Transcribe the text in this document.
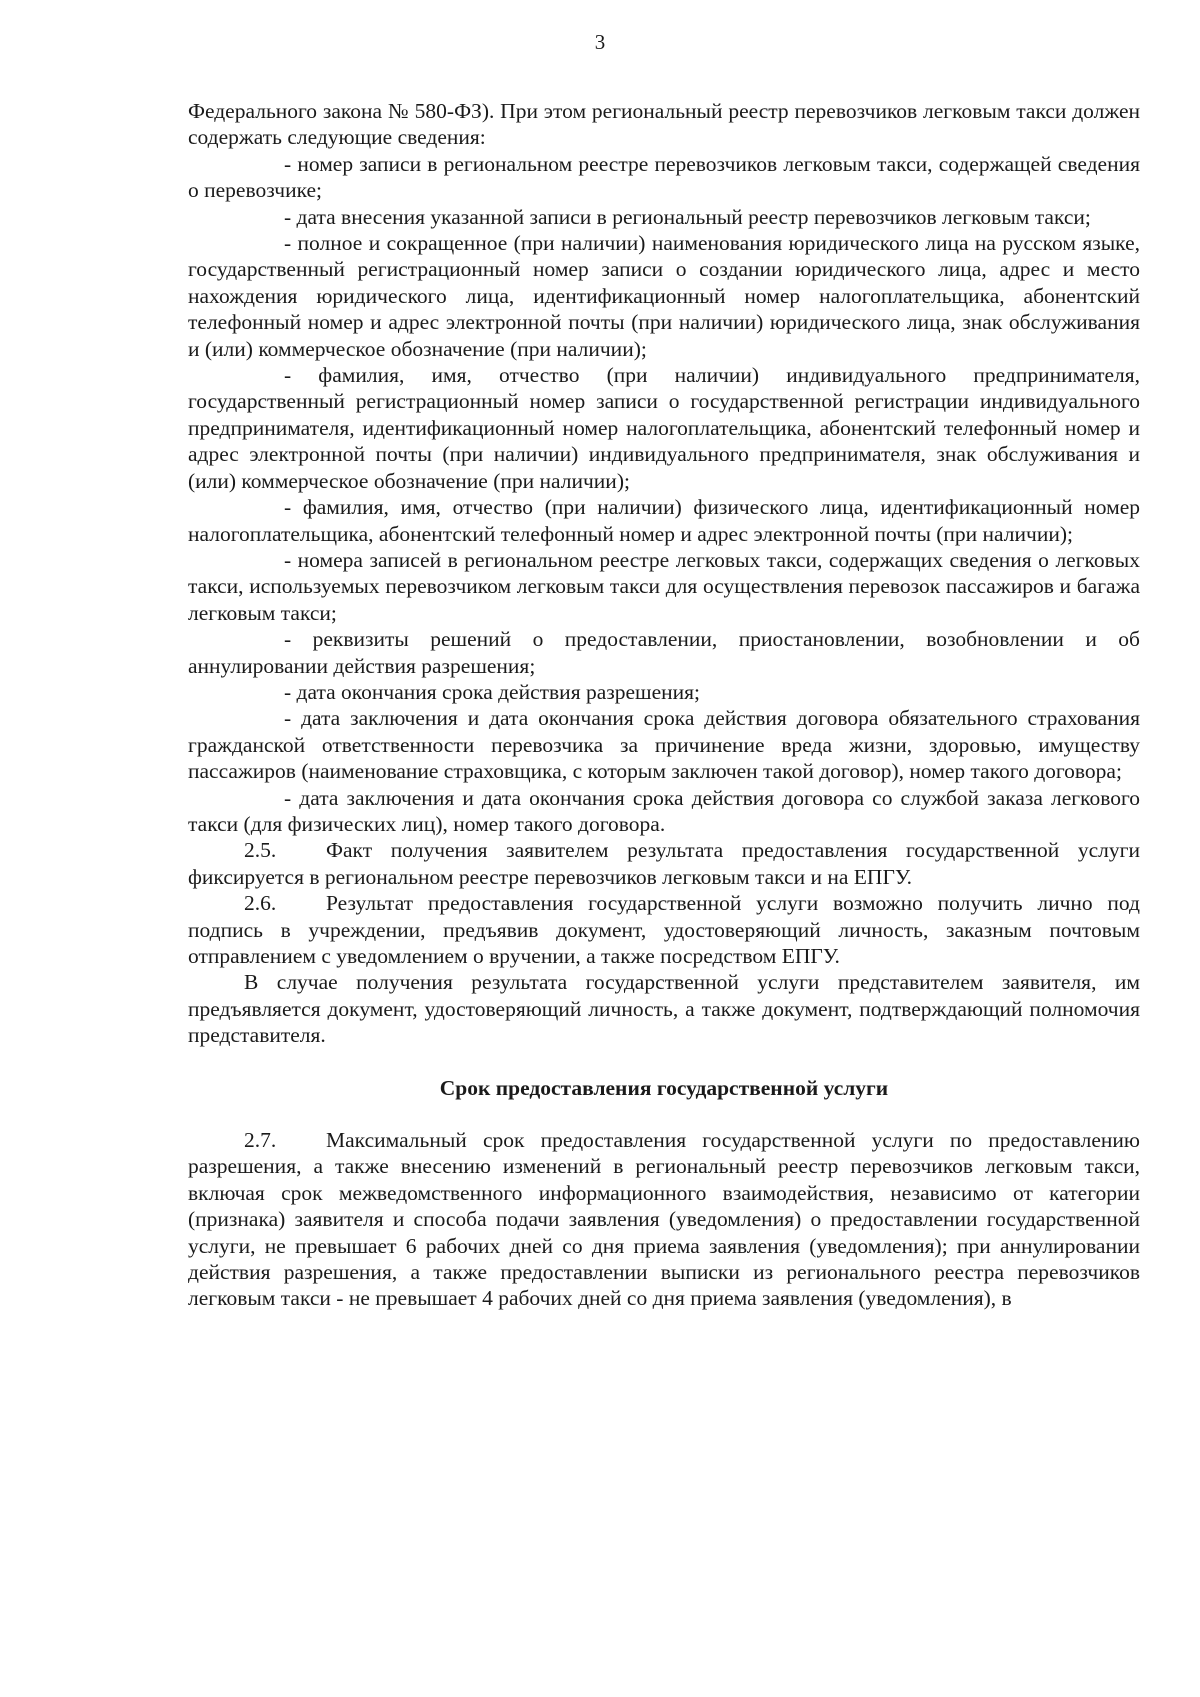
3

Федерального закона № 580-ФЗ). При этом региональный реестр перевозчиков легковым такси должен содержать следующие сведения:

- номер записи в региональном реестре перевозчиков легковым такси, содержащей сведения о перевозчике;

- дата внесения указанной записи в региональный реестр перевозчиков легковым такси;

- полное и сокращенное (при наличии) наименования юридического лица на русском языке, государственный регистрационный номер записи о создании юридического лица, адрес и место нахождения юридического лица, идентификационный номер налогоплательщика, абонентский телефонный номер и адрес электронной почты (при наличии) юридического лица, знак обслуживания и (или) коммерческое обозначение (при наличии);

- фамилия, имя, отчество (при наличии) индивидуального предпринимателя, государственный регистрационный номер записи о государственной регистрации индивидуального предпринимателя, идентификационный номер налогоплательщика, абонентский телефонный номер и адрес электронной почты (при наличии) индивидуального предпринимателя, знак обслуживания и (или) коммерческое обозначение (при наличии);

- фамилия, имя, отчество (при наличии) физического лица, идентификационный номер налогоплательщика, абонентский телефонный номер и адрес электронной почты (при наличии);

- номера записей в региональном реестре легковых такси, содержащих сведения о легковых такси, используемых перевозчиком легковым такси для осуществления перевозок пассажиров и багажа легковым такси;

- реквизиты решений о предоставлении, приостановлении, возобновлении и об аннулировании действия разрешения;

- дата окончания срока действия разрешения;

- дата заключения и дата окончания срока действия договора обязательного страхования гражданской ответственности перевозчика за причинение вреда жизни, здоровью, имуществу пассажиров (наименование страховщика, с которым заключен такой договор), номер такого договора;

- дата заключения и дата окончания срока действия договора со службой заказа легкового такси (для физических лиц), номер такого договора.

2.5. Факт получения заявителем результата предоставления государственной услуги фиксируется в региональном реестре перевозчиков легковым такси и на ЕПГУ.

2.6. Результат предоставления государственной услуги возможно получить лично под подпись в учреждении, предъявив документ, удостоверяющий личность, заказным почтовым отправлением с уведомлением о вручении, а также посредством ЕПГУ.

В случае получения результата государственной услуги представителем заявителя, им предъявляется документ, удостоверяющий личность, а также документ, подтверждающий полномочия представителя.

Срок предоставления государственной услуги

2.7. Максимальный срок предоставления государственной услуги по предоставлению разрешения, а также внесению изменений в региональный реестр перевозчиков легковым такси, включая срок межведомственного информационного взаимодействия, независимо от категории (признака) заявителя и способа подачи заявления (уведомления) о предоставлении государственной услуги, не превышает 6 рабочих дней со дня приема заявления (уведомления); при аннулировании действия разрешения, а также предоставлении выписки из регионального реестра перевозчиков легковым такси - не превышает 4 рабочих дней со дня приема заявления (уведомления), в
